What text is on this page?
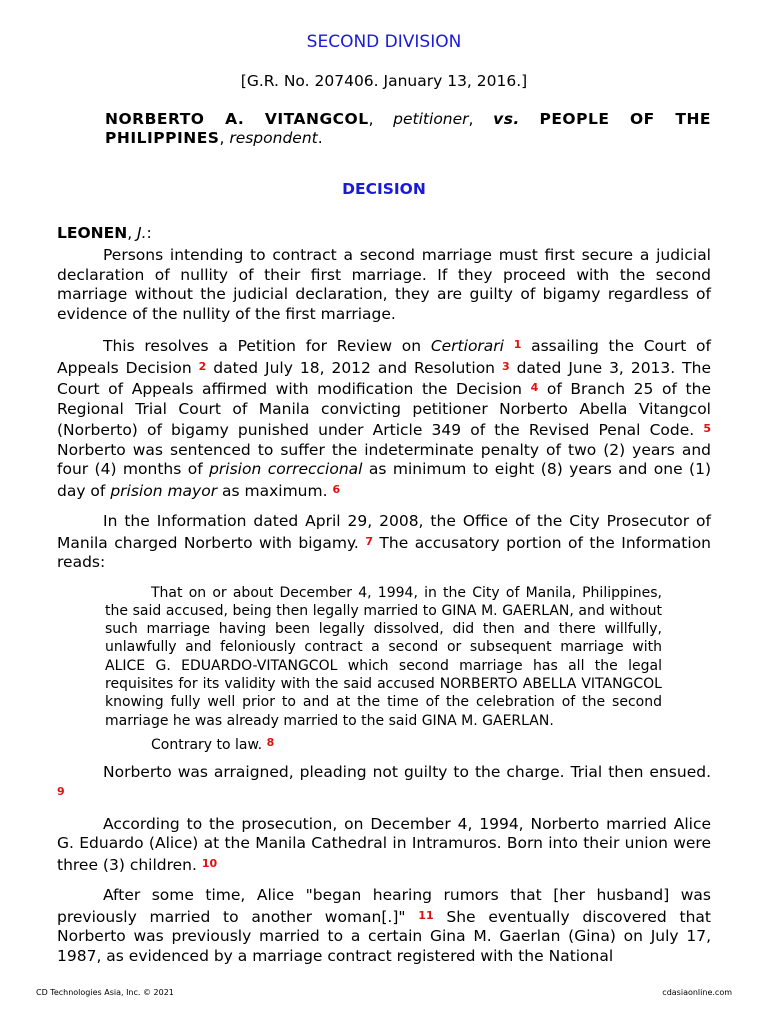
SECOND DIVISION
[G.R. No. 207406. January 13, 2016.]
NORBERTO A. VITANGCOL, petitioner, vs. PEOPLE OF THE PHILIPPINES, respondent.
DECISION
LEONEN, J.:

Persons intending to contract a second marriage must first secure a judicial declaration of nullity of their first marriage. If they proceed with the second marriage without the judicial declaration, they are guilty of bigamy regardless of evidence of the nullity of the first marriage.

This resolves a Petition for Review on Certiorari 1 assailing the Court of Appeals Decision 2 dated July 18, 2012 and Resolution 3 dated June 3, 2013. The Court of Appeals affirmed with modification the Decision 4 of Branch 25 of the Regional Trial Court of Manila convicting petitioner Norberto Abella Vitangcol (Norberto) of bigamy punished under Article 349 of the Revised Penal Code. 5 Norberto was sentenced to suffer the indeterminate penalty of two (2) years and four (4) months of prision correccional as minimum to eight (8) years and one (1) day of prision mayor as maximum. 6

In the Information dated April 29, 2008, the Office of the City Prosecutor of Manila charged Norberto with bigamy. 7 The accusatory portion of the Information reads:

That on or about December 4, 1994, in the City of Manila, Philippines, the said accused, being then legally married to GINA M. GAERLAN, and without such marriage having been legally dissolved, did then and there willfully, unlawfully and feloniously contract a second or subsequent marriage with ALICE G. EDUARDO-VITANGCOL which second marriage has all the legal requisites for its validity with the said accused NORBERTO ABELLA VITANGCOL knowing fully well prior to and at the time of the celebration of the second marriage he was already married to the said GINA M. GAERLAN.
Contrary to law. $^8$

Norberto was arraigned, pleading not guilty to the charge. Trial then ensued. 9

According to the prosecution, on December 4, 1994, Norberto married Alice G. Eduardo (Alice) at the Manila Cathedral in Intramuros. Born into their union were three (3) children. 10

After some time, Alice "began hearing rumors that [her husband] was previously married to another woman[.]" 11 She eventually discovered that Norberto was previously married to a certain Gina M. Gaerlan (Gina) on July 17, 1987, as evidenced by a marriage contract registered with the National

CD Technologies Asia, Inc. © 2021	cdasiaonline.com
